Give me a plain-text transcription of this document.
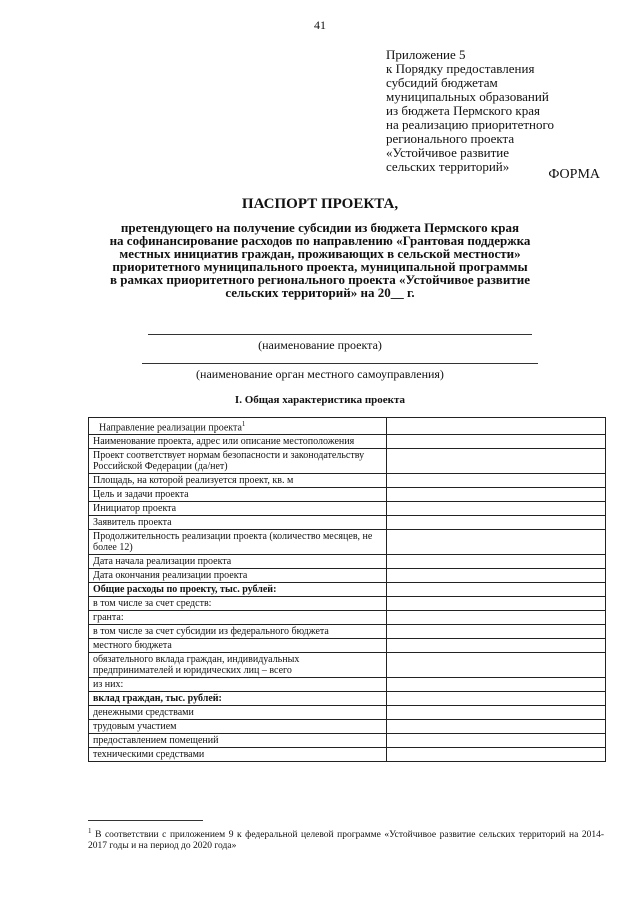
41
Приложение 5
к Порядку предоставления
субсидий бюджетам
муниципальных образований
из бюджета Пермского края
на реализацию приоритетного
регионального проекта
«Устойчивое развитие
сельских территорий»
ФОРМА
ПАСПОРТ ПРОЕКТА,
претендующего на получение субсидии из бюджета Пермского края
на софинансирование расходов по направлению «Грантовая поддержка
местных инициатив граждан, проживающих в сельской местности»
приоритетного муниципального проекта, муниципальной программы
в рамках приоритетного регионального проекта «Устойчивое развитие
сельских территорий» на 20__ г.
(наименование проекта)
(наименование орган местного самоуправления)
I. Общая характеристика проекта
Направление реализации проекта$^1$	
Наименование проекта, адрес или описание местоположения	
Проект соответствует нормам безопасности и законодательству Российской Федерации (да/нет)	
Площадь, на которой реализуется проект, кв. м	
Цель и задачи проекта	
Инициатор проекта	
Заявитель проекта	
Продолжительность реализации проекта (количество месяцев, не более 12)	
Дата начала реализации проекта	
Дата окончания реализации проекта	
Общие расходы по проекту, тыс. рублей:	
в том числе за счет средств:	
гранта:	
в том числе за счет субсидии из федерального бюджета	
местного бюджета	
обязательного вклада граждан, индивидуальных предпринимателей и юридических лиц – всего	
из них:	
вклад граждан, тыс. рублей:	
денежными средствами	
трудовым участием	
предоставлением помещений	
техническими средствами	
$^1$ В соответствии с приложением 9 к федеральной целевой программе «Устойчивое развитие сельских территорий на 2014-2017 годы и на период до 2020 года»
